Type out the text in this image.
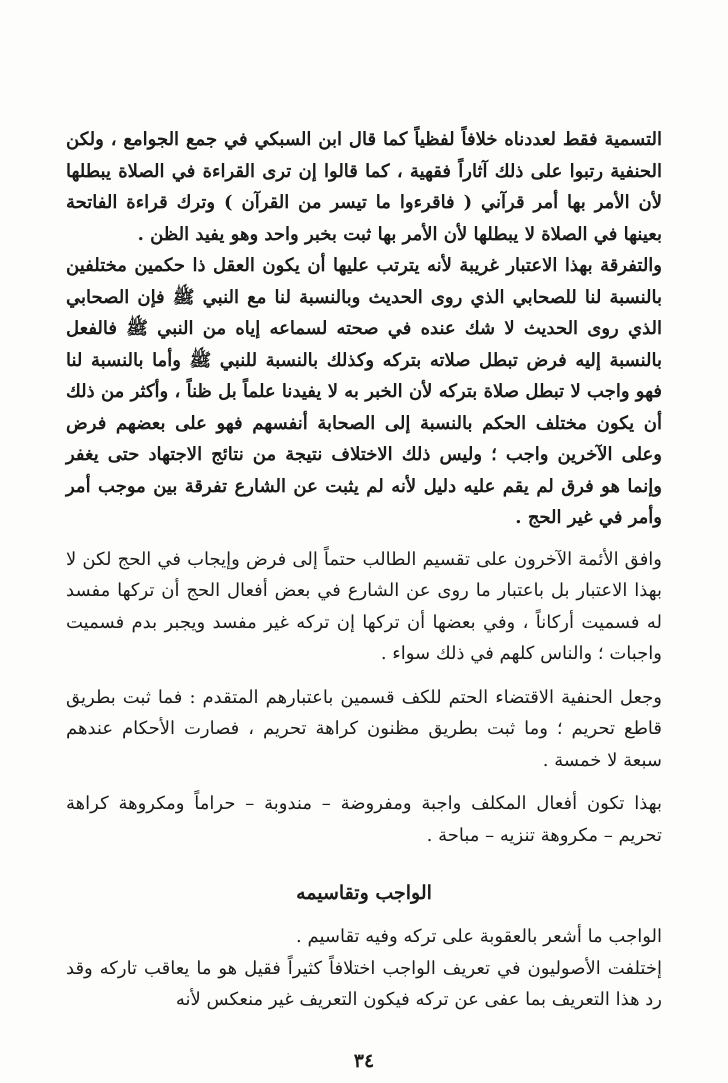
التسمية فقط لعددناه خلافاً لفظياً كما قال ابن السبكي في جمع الجوامع ، ولكن الحنفية رتبوا على ذلك آثاراً فقهية ، كما قالوا إن ترى القراءة في الصلاة يبطلها لأن الأمر بها أمر قرآني ( فاقرءوا ما تيسر من القرآن ) وترك قراءة الفاتحة بعينها في الصلاة لا يبطلها لأن الأمر بها ثبت بخبر واحد وهو يفيد الظن .

والتفرقة بهذا الاعتبار غريبة لأنه يترتب عليها أن يكون العقل ذا حكمين مختلفين بالنسبة لنا للصحابي الذي روى الحديث وبالنسبة لنا مع النبي ﷺ فإن الصحابي الذي روى الحديث لا شك عنده في صحته لسماعه إياه من النبي ﷺ فالفعل بالنسبة إليه فرض تبطل صلاته بتركه وكذلك بالنسبة للنبي ﷺ وأما بالنسبة لنا فهو واجب لا تبطل صلاة بتركه لأن الخبر به لا يفيدنا علماً بل ظناً ، وأكثر من ذلك أن يكون مختلف الحكم بالنسبة إلى الصحابة أنفسهم فهو على بعضهم فرض وعلى الآخرين واجب ؛ وليس ذلك الاختلاف نتيجة من نتائج الاجتهاد حتى يغفر وإنما هو فرق لم يقم عليه دليل لأنه لم يثبت عن الشارع تفرقة بين موجب أمر وأمر في غير الحج .

وافق الأئمة الآخرون على تقسيم الطالب حتماً إلى فرض وإيجاب في الحج لكن لا بهذا الاعتبار بل باعتبار ما روى عن الشارع في بعض أفعال الحج أن تركها مفسد له فسميت أركاناً ، وفي بعضها أن تركها إن تركه غير مفسد ويجبر بدم فسميت واجبات ؛ والناس كلهم في ذلك سواء .

وجعل الحنفية الاقتضاء الحتم للكف قسمين باعتبارهم المتقدم : فما ثبت بطريق قاطع تحريم ؛ وما ثبت بطريق مظنون كراهة تحريم ، فصارت الأحكام عندهم سبعة لا خمسة .

بهذا تكون أفعال المكلف واجبة ومفروضة – مندوبة – حراماً ومكروهة كراهة تحريم – مكروهة تنزيه – مباحة .

الواجب وتقاسيمه

الواجب ما أشعر بالعقوبة على تركه وفيه تقاسيم .

إختلفت الأصوليون في تعريف الواجب اختلافاً كثيراً فقيل هو ما يعاقب تاركه وقد رد هذا التعريف بما عفى عن تركه فيكون التعريف غير منعكس لأنه

٣٤
